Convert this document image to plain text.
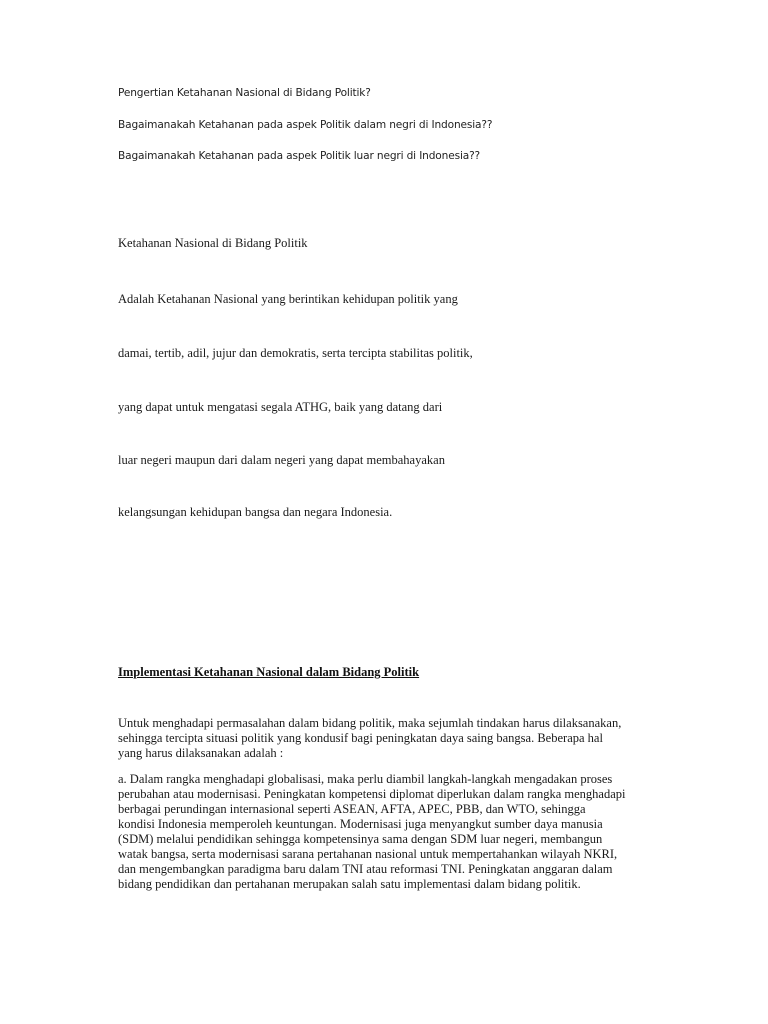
Pengertian Ketahanan Nasional di Bidang Politik?
Bagaimanakah Ketahanan pada aspek Politik dalam negri di Indonesia??
Bagaimanakah Ketahanan pada aspek Politik luar negri di Indonesia??
Ketahanan Nasional di Bidang Politik
Adalah Ketahanan Nasional yang berintikan kehidupan politik yang
damai, tertib, adil, jujur dan demokratis, serta tercipta stabilitas politik,
yang dapat untuk mengatasi segala ATHG, baik yang datang dari
luar negeri maupun dari dalam negeri yang dapat membahayakan
kelangsungan kehidupan bangsa dan negara Indonesia.
Implementasi Ketahanan Nasional dalam Bidang Politik
Untuk menghadapi permasalahan dalam bidang politik, maka sejumlah tindakan harus dilaksanakan,
sehingga tercipta situasi politik yang kondusif bagi peningkatan daya saing bangsa. Beberapa hal
yang harus dilaksanakan adalah :
a. Dalam rangka menghadapi globalisasi, maka perlu diambil langkah-langkah mengadakan proses
perubahan atau modernisasi. Peningkatan kompetensi diplomat diperlukan dalam rangka menghadapi
berbagai perundingan internasional seperti ASEAN, AFTA, APEC, PBB, dan WTO, sehingga
kondisi Indonesia memperoleh keuntungan. Modernisasi juga menyangkut sumber daya manusia
(SDM) melalui pendidikan sehingga kompetensinya sama dengan SDM luar negeri, membangun
watak bangsa, serta modernisasi sarana pertahanan nasional untuk mempertahankan wilayah NKRI,
dan mengembangkan paradigma baru dalam TNI atau reformasi TNI. Peningkatan anggaran dalam
bidang pendidikan dan pertahanan merupakan salah satu implementasi dalam bidang politik.
